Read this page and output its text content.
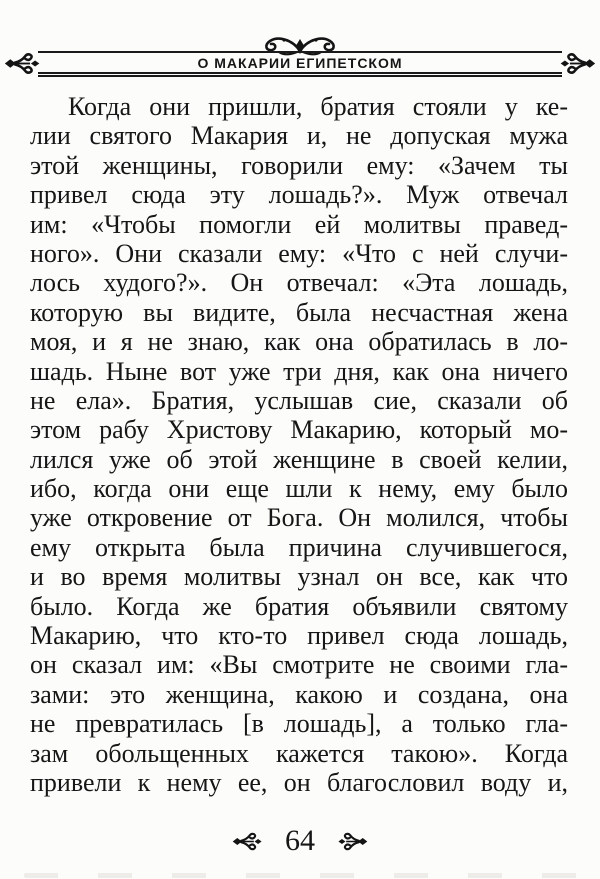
О МАКАРИИ ЕГИПЕТСКОМ
Когда они пришли, братия стояли у ке-
лии святого Макария и, не допуская мужа
этой женщины, говорили ему: «Зачем ты
привел сюда эту лошадь?». Муж отвечал
им: «Чтобы помогли ей молитвы правед-
ного». Они сказали ему: «Что с ней случи-
лось худого?». Он отвечал: «Эта лошадь,
которую вы видите, была несчастная жена
моя, и я не знаю, как она обратилась в ло-
шадь. Ныне вот уже три дня, как она ничего
не ела». Братия, услышав сие, сказали об
этом рабу Христову Макарию, который мо-
лился уже об этой женщине в своей келии,
ибо, когда они еще шли к нему, ему было
уже откровение от Бога. Он молился, чтобы
ему открыта была причина случившегося,
и во время молитвы узнал он все, как что
было. Когда же братия объявили святому
Макарию, что кто-то привел сюда лошадь,
он сказал им: «Вы смотрите не своими гла-
зами: это женщина, какою и создана, она
не превратилась [в лошадь], а только гла-
зам обольщенных кажется такою». Когда
привели к нему ее, он благословил воду и,
64
